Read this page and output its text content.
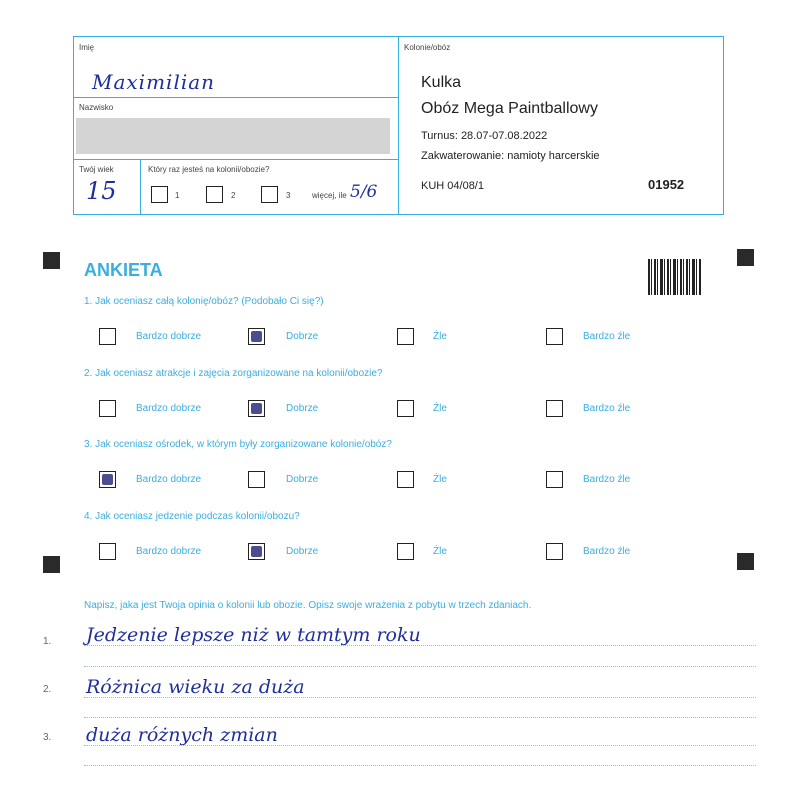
Imię
Maximilian
Nazwisko
Twój wiek
15
Który raz jesteś na kolonii/obozie?
1	2	3	więcej, ile 5/6
Kolonie/obóz
Kulka
Obóz Mega Paintballowy
Turnus: 28.07-07.08.2022
Zakwaterowanie: namioty harcerskie
KUH 04/08/1	01952
ANKIETA
1. Jak oceniasz całą kolonię/obóz? (Podobało Ci się?)
Bardzo dobrze	Dobrze	Źle	Bardzo źle
2. Jak oceniasz atrakcje i zajęcia zorganizowane na kolonii/obozie?
Bardzo dobrze	Dobrze	Źle	Bardzo źle
3. Jak oceniasz ośrodek, w którym były zorganizowane kolonie/obóz?
Bardzo dobrze	Dobrze	Źle	Bardzo źle
4. Jak oceniasz jedzenie podczas kolonii/obozu?
Bardzo dobrze	Dobrze	Źle	Bardzo źle
Napisz, jaka jest Twoja opinia o kolonii lub obozie. Opisz swoje wrażenia z pobytu w trzech zdaniach.
1. Jedzenie lepsze niż w tamtym roku
2. Różnica wieku za duża
3. duża różnych zmian
